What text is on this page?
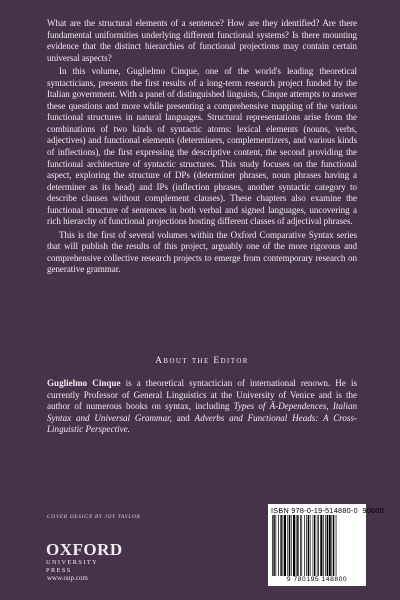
What are the structural elements of a sentence? How are they identified? Are there fundamental uniformities underlying different functional systems? Is there mounting evidence that the distinct hierarchies of functional projections may contain certain universal aspects?

In this volume, Guglielmo Cinque, one of the world's leading theoretical syntacticians, presents the first results of a long-term research project funded by the Italian government. With a panel of distinguished linguists, Cinque attempts to answer these questions and more while presenting a comprehensive mapping of the various functional structures in natural languages. Structural representations arise from the combinations of two kinds of syntactic atoms: lexical elements (nouns, verbs, adjectives) and functional elements (determiners, complementizers, and various kinds of inflections), the first expressing the descriptive content, the second providing the functional architecture of syntactic structures. This study focuses on the functional aspect, exploring the structure of DPs (determiner phrases, noun phrases having a determiner as its head) and IPs (inflection phrases, another syntactic category to describe clauses without complement clauses). These chapters also examine the functional structure of sentences in both verbal and signed languages, uncovering a rich hierarchy of functional projections hosting different classes of adjectival phrases.

This is the first of several volumes within the Oxford Comparative Syntax series that will publish the results of this project, arguably one of the more rigorous and comprehensive collective research projects to emerge from contemporary research on generative grammar.

About the Editor

Guglielmo Cinque is a theoretical syntactician of international renown. He is currently Professor of General Linguistics at the University of Venice and is the author of numerous books on syntax, including Types of Ā-Dependences, Italian Syntax and Universal Grammar, and Adverbs and Functional Heads: A Cross-Linguistic Perspective.

COVER DESIGN BY JOY TAYLOR
OXFORD
UNIVERSITY PRESS
www.oup.com
ISBN 978-0-19-514880-0 90000
9 780195 148800
